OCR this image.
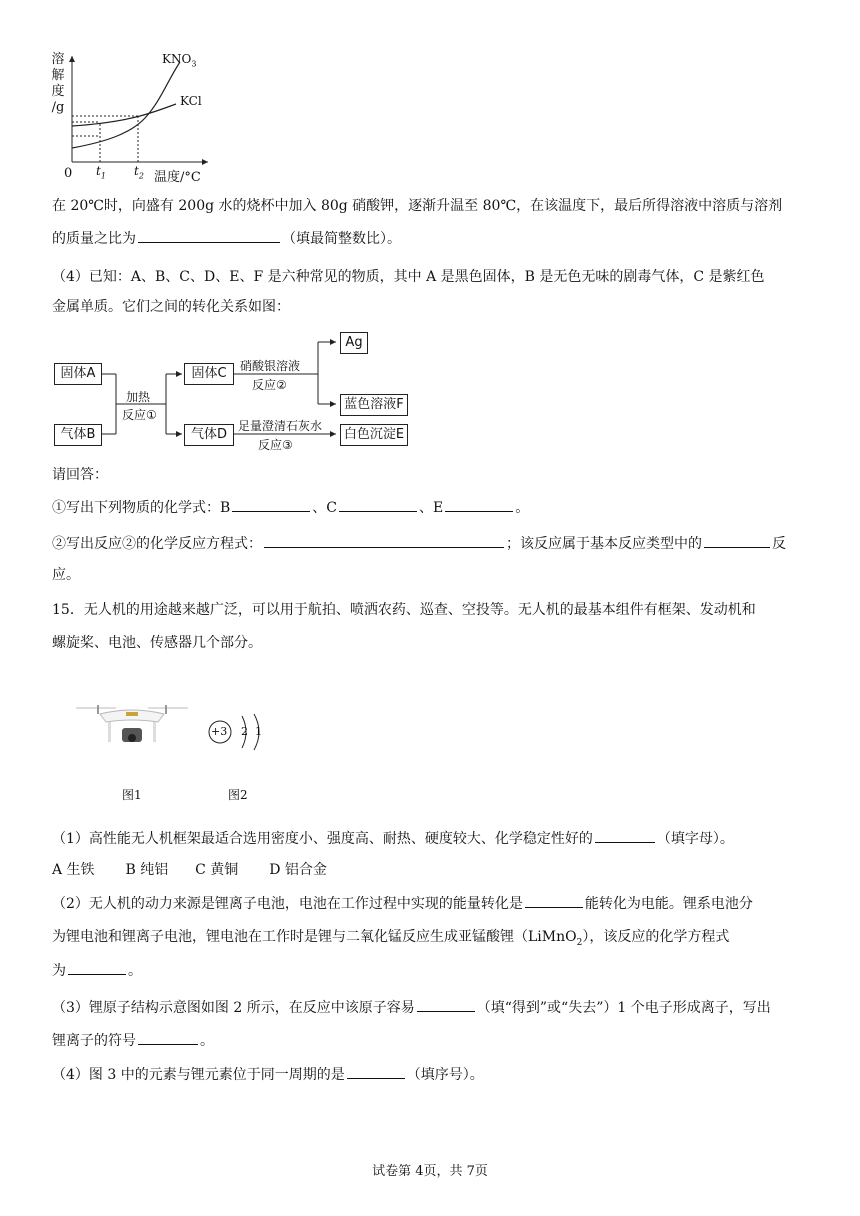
溶
解
度
/g
0 $t_1$ $t_2$ 温度/°C
$KNO_3$
KCl
在 20℃时，向盛有 200g 水的烧杯中加入 80g 硝酸钾，逐渐升温至 80℃，在该温度下，最后所得溶液中溶质与溶剂
的质量之比为	（填最简整数比）。
（4）已知：A、B、C、D、E、F 是六种常见的物质，其中 A 是黑色固体，B 是无色无味的剧毒气体，C 是紫红色
金属单质。它们之间的转化关系如图：
固体A
气体B
固体C
气体D
Ag
蓝色溶液F
白色沉淀E
加热
反应①
硝酸银溶液
反应②
足量澄清石灰水
反应③
请回答：
①写出下列物质的化学式：B	、C	、E	。
②写出反应②的化学反应方程式：	；该反应属于基本反应类型中的	反
应。
15．无人机的用途越来越广泛，可以用于航拍、喷洒农药、巡查、空投等。无人机的最基本组件有框架、发动机和
螺旋桨、电池、传感器几个部分。
+3 2 1
图1	图2
（1）高性能无人机框架最适合选用密度小、强度高、耐热、硬度较大、化学稳定性好的	（填字母）。
A 生铁 B 纯铝 C 黄铜 D 铝合金
（2）无人机的动力来源是锂离子电池，电池在工作过程中实现的能量转化是	能转化为电能。锂系电池分
为锂电池和锂离子电池，锂电池在工作时是锂与二氧化锰反应生成亚锰酸锂（LiMnO$_2$），该反应的化学方程式
为	。
（3）锂原子结构示意图如图 2 所示，在反应中该原子容易	（填“得到”或“失去”）1 个电子形成离子，写出
锂离子的符号	。
（4）图 3 中的元素与锂元素位于同一周期的是	（填序号）。
试卷第 4页，共 7页
